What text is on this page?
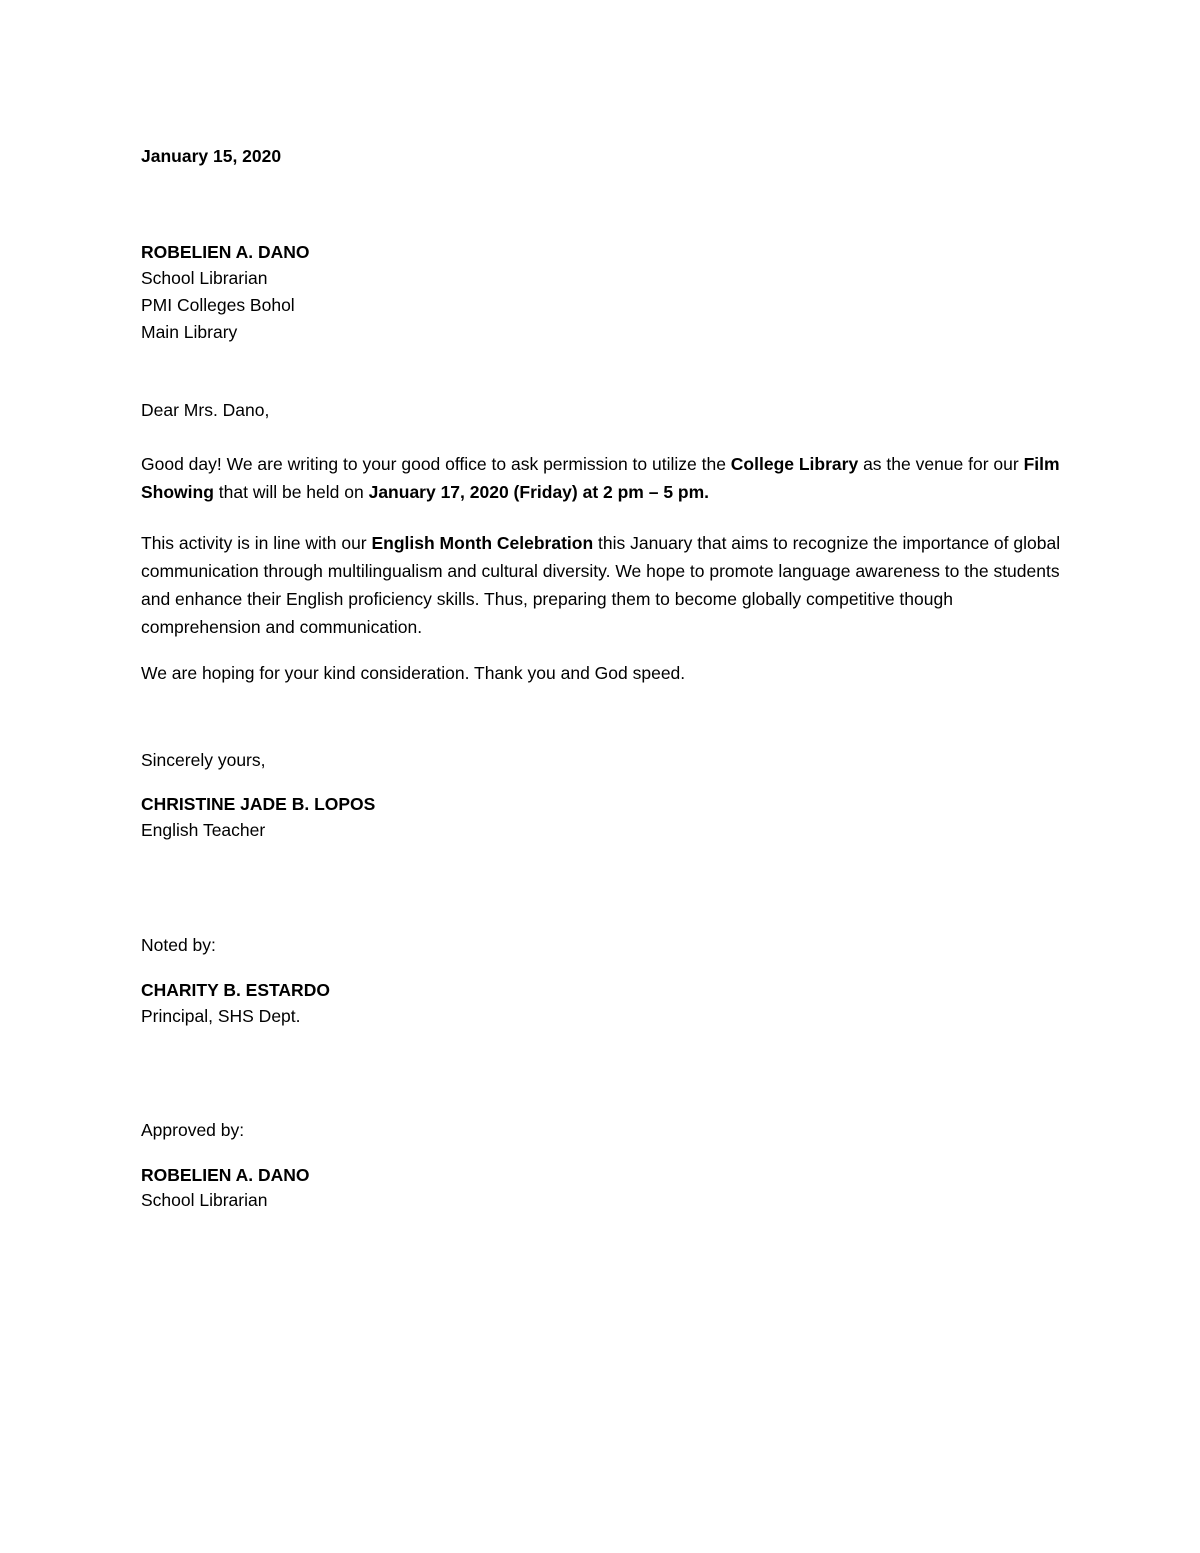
January 15, 2020
ROBELIEN A. DANO
School Librarian
PMI Colleges Bohol
Main Library
Dear Mrs. Dano,
Good day! We are writing to your good office to ask permission to utilize the College Library as the venue for our Film Showing that will be held on January 17, 2020 (Friday) at 2 pm – 5 pm.
This activity is in line with our English Month Celebration this January that aims to recognize the importance of global communication through multilingualism and cultural diversity. We hope to promote language awareness to the students and enhance their English proficiency skills. Thus, preparing them to become globally competitive though comprehension and communication.
We are hoping for your kind consideration. Thank you and God speed.
Sincerely yours,
CHRISTINE JADE B. LOPOS
English Teacher
Noted by:
CHARITY B. ESTARDO
Principal, SHS Dept.
Approved by:
ROBELIEN A. DANO
School Librarian
